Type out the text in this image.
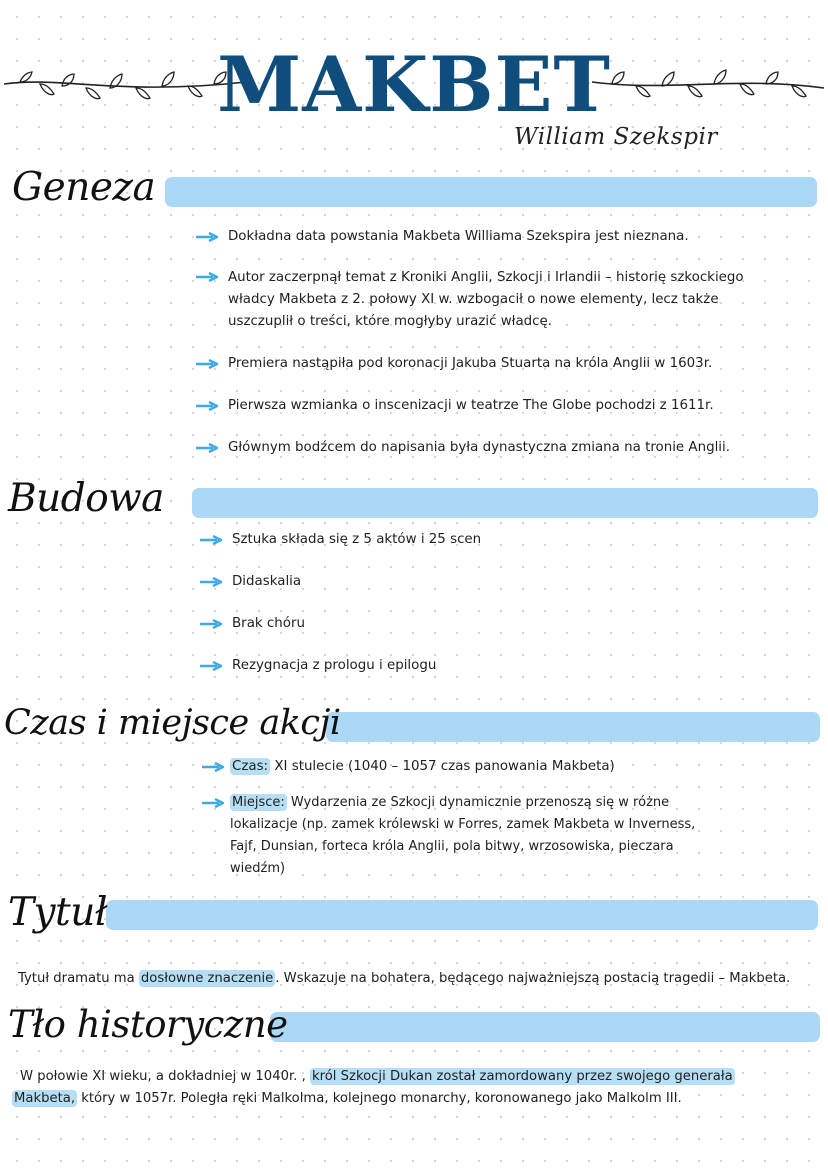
MAKBET
William Szekspir
Geneza
Dokładna data powstania Makbeta Williama Szekspira jest nieznana.
Autor zaczerpnął temat z Kroniki Anglii, Szkocji i Irlandii – historię szkockiego władcy Makbeta z 2. połowy XI w. wzbogacił o nowe elementy, lecz także uszczuplił o treści, które mogłyby urazić władcę.
Premiera nastąpiła pod koronacji Jakuba Stuarta na króla Anglii w 1603r.
Pierwsza wzmianka o inscenizacji w teatrze The Globe pochodzi z 1611r.
Głównym bodźcem do napisania była dynastyczna zmiana na tronie Anglii.
Budowa
Sztuka składa się z 5 aktów i 25 scen
Didaskalia
Brak chóru
Rezygnacja z prologu i epilogu
Czas i miejsce akcji
Czas: XI stulecie (1040 – 1057 czas panowania Makbeta)
Miejsce: Wydarzenia ze Szkocji dynamicznie przenoszą się w różne lokalizacje (np. zamek królewski w Forres, zamek Makbeta w Inverness, Fajf, Dunsian, forteca króla Anglii, pola bitwy, wrzosowiska, pieczara wiedźm)
Tytuł
Tytuł dramatu ma dosłowne znaczenie . Wskazuje na bohatera, będącego najważniejszą postacią tragedii – Makbeta.
Tło historyczne
W połowie XI wieku, a dokładniej w 1040r. , król Szkocji Dukan został zamordowany przez swojego generała
Makbeta, który w 1057r. Poległa ręki Malkolma, kolejnego monarchy, koronowanego jako Malkolm III.
